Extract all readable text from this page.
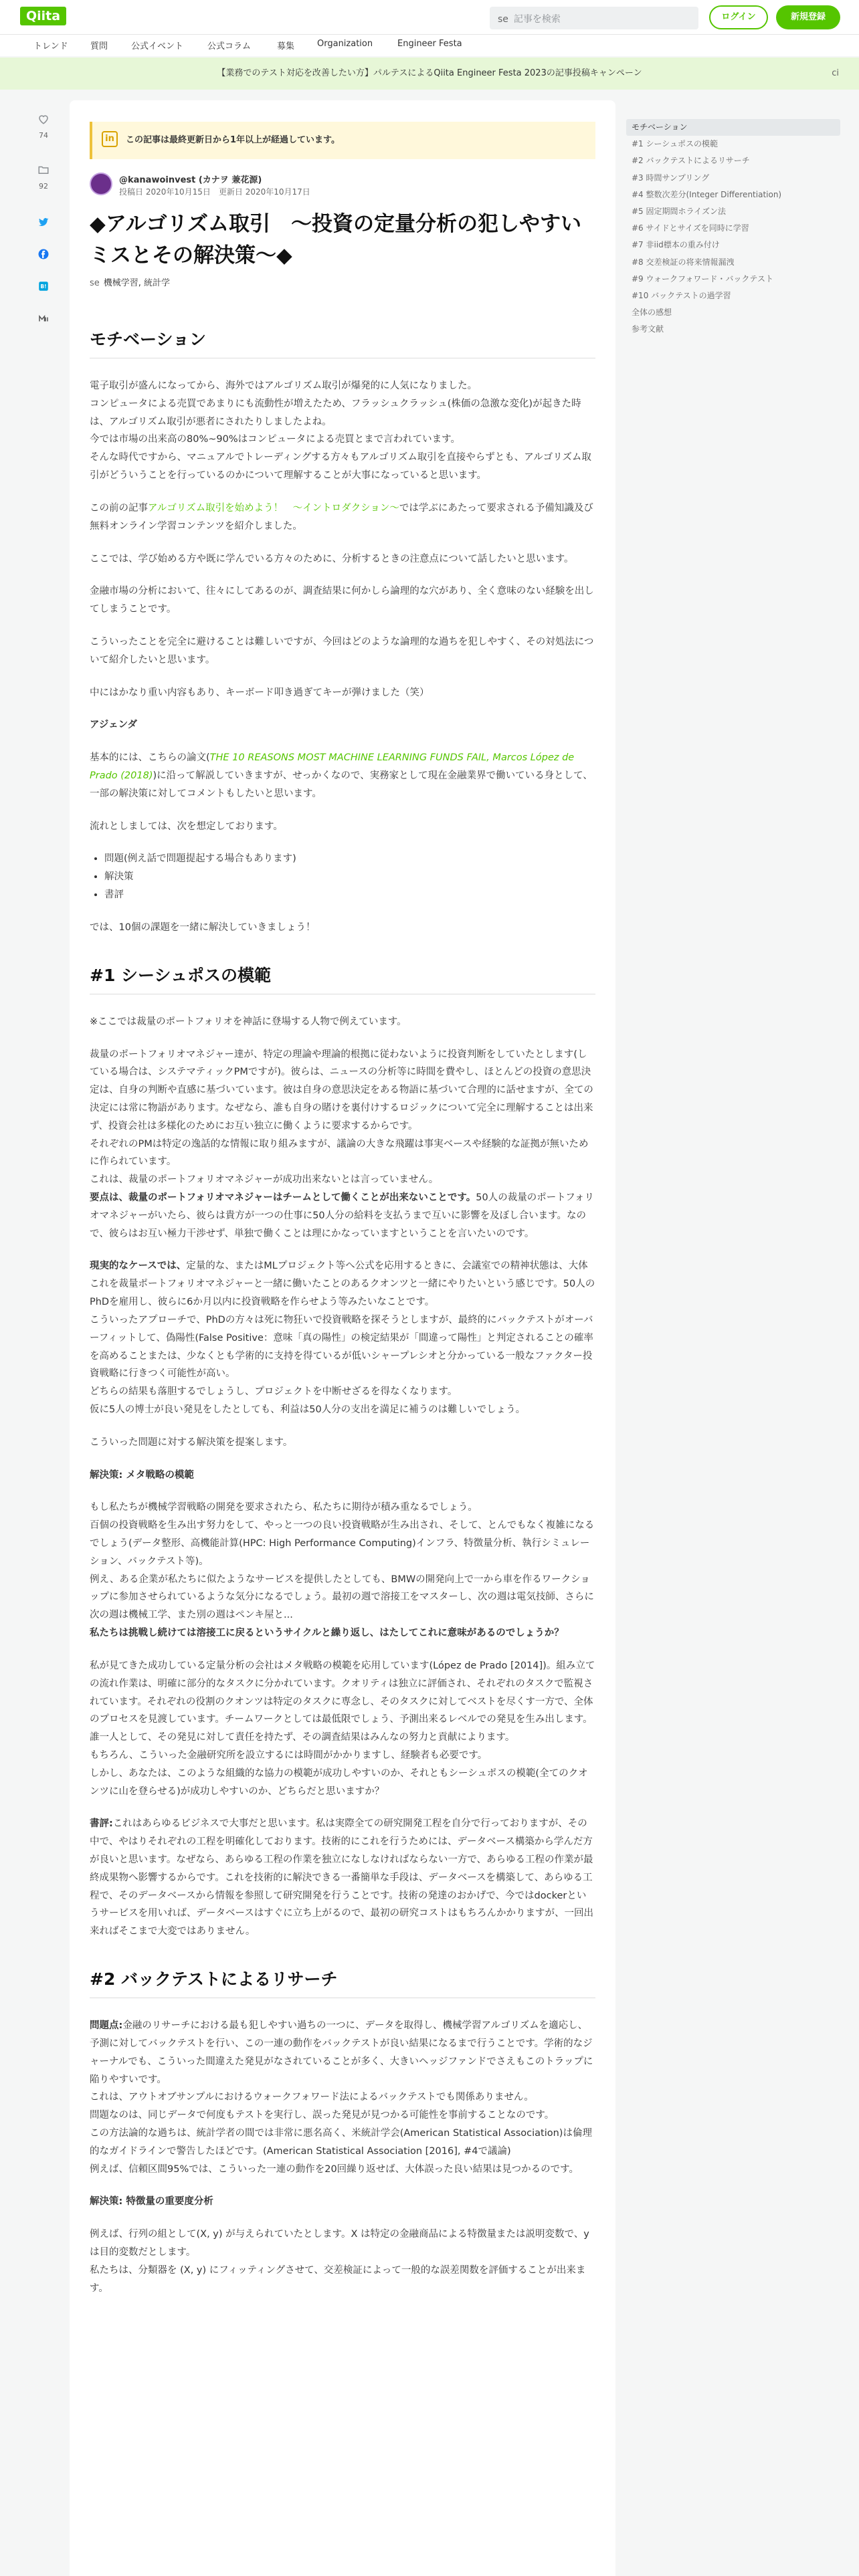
Qiita	se 記事を検索	ログイン	新規登録
トレンド	質問	公式イベント	公式コラム	募集	Organization	Engineer Festa
【業務でのテスト対応を改善したい方】パルテスによるQiita Engineer Festa 2023の記事投稿キャンペーン	ci
74
92
B!
in	この記事は最終更新日から1年以上が経過しています。
@kanawoinvest (カナヲ 兼花源)
投稿日 2020年10月15日　更新日 2020年10月17日
◆アルゴリズム取引　〜投資の定量分析の犯しやすいミスとその解決策〜◆
se 機械学習, 統計学
モチベーション

電子取引が盛んになってから、海外ではアルゴリズム取引が爆発的に人気になりました。
コンピュータによる売買であまりにも流動性が増えたため、フラッシュクラッシュ(株価の急激な変化)が起きた時は、アルゴリズム取引が悪者にされたりしましたよね。
今では市場の出来高の80%~90%はコンピュータによる売買とまで言われています。
そんな時代ですから、マニュアルでトレーディングする方々もアルゴリズム取引を直接やらずとも、アルゴリズム取引がどういうことを行っているのかについて理解することが大事になっていると思います。

この前の記事アルゴリズム取引を始めよう！　〜イントロダクション〜では学ぶにあたって要求される予備知識及び無料オンライン学習コンテンツを紹介しました。

ここでは、学び始める方や既に学んでいる方々のために、分析するときの注意点について話したいと思います。

金融市場の分析において、往々にしてあるのが、調査結果に何かしら論理的な穴があり、全く意味のない経験を出してしまうことです。

こういったことを完全に避けることは難しいですが、今回はどのような論理的な過ちを犯しやすく、その対処法について紹介したいと思います。

中にはかなり重い内容もあり、キーボード叩き過ぎてキーが弾けました（笑）

アジェンダ

基本的には、こちらの論文(THE 10 REASONS MOST MACHINE LEARNING FUNDS FAIL, Marcos López de Prado (2018))に沿って解説していきますが、せっかくなので、実務家として現在金融業界で働いている身として、一部の解決策に対してコメントもしたいと思います。

流れとしましては、次を想定しております。

• 問題(例え話で問題提起する場合もあります)
• 解決策
• 書評

では、10個の課題を一緒に解決していきましょう！

#1 シーシュポスの模範

※ここでは裁量のポートフォリオを神話に登場する人物で例えています。

裁量のポートフォリオマネジャー達が、特定の理論や理論的根拠に従わないように投資判断をしていたとします(している場合は、システマティックPMですが)。彼らは、ニュースの分析等に時間を費やし、ほとんどの投資の意思決定は、自身の判断や直感に基づいています。彼は自身の意思決定をある物語に基づいて合理的に話せますが、全ての決定には常に物語があります。なぜなら、誰も自身の賭けを裏付けするロジックについて完全に理解することは出来ず、投資会社は多様化のためにお互い独立に働くように要求するからです。
それぞれのPMは特定の逸話的な情報に取り組みますが、議論の大きな飛躍は事実ベースや経験的な証拠が無いために作られています。
これは、裁量のポートフォリオマネジャーが成功出来ないとは言っていません。

要点は、裁量のポートフォリオマネジャーはチームとして働くことが出来ないことです。50人の裁量のポートフォリオマネジャーがいたら、彼らは貴方が一つの仕事に50人分の給料を支払うまで互いに影響を及ぼし合います。なので、彼らはお互い極力干渉せず、単独で働くことは理にかなっていますということを言いたいのです。

現実的なケースでは、定量的な、またはMLプロジェクト等へ公式を応用するときに、会議室での精神状態は、大体これを裁量ポートフォリオマネジャーと一緒に働いたことのあるクオンツと一緒にやりたいという感じです。50人のPhDを雇用し、彼らに6か月以内に投資戦略を作らせよう等みたいなことです。
こういったアプローチで、PhDの方々は死に物狂いで投資戦略を探そうとしますが、最終的にバックテストがオーバーフィットして、偽陽性(False Positive：意味「真の陽性」の検定結果が「間違って陽性」と判定されることの確率を高めることまたは、少なくとも学術的に支持を得ているが低いシャープレシオと分かっている一般なファクター投資戦略に行きつく可能性が高い。
どちらの結果も落胆するでしょうし、プロジェクトを中断せざるを得なくなります。
仮に5人の博士が良い発見をしたとしても、利益は50人分の支出を満足に補うのは難しいでしょう。

こういった問題に対する解決策を提案します。

解決策: メタ戦略の模範

もし私たちが機械学習戦略の開発を要求されたら、私たちに期待が積み重なるでしょう。
百個の投資戦略を生み出す努力をして、やっと一つの良い投資戦略が生み出され、そして、とんでもなく複雑になるでしょう(データ整形、高機能計算(HPC: High Performance Computing)インフラ、特徴量分析、執行シミュレーション、バックテスト等)。
例え、ある企業が私たちに似たようなサービスを提供したとしても、BMWの開発向上で一から車を作るワークショップに参加させられているような気分になるでしょう。最初の週で溶接工をマスターし、次の週は電気技師、さらに次の週は機械工学、また別の週はペンキ屋と...

私たちは挑戦し続けては溶接工に戻るというサイクルと繰り返し、はたしてこれに意味があるのでしょうか？

私が見てきた成功している定量分析の会社はメタ戦略の模範を応用しています(López de Prado [2014])。組み立ての流れ作業は、明確に部分的なタスクに分かれています。クオリティは独立に評価され、それぞれのタスクで監視されています。それぞれの役割のクオンツは特定のタスクに専念し、そのタスクに対してベストを尽くす一方で、全体のプロセスを見渡しています。チームワークとしては最低限でしょう、予測出来るレベルでの発見を生み出します。誰一人として、その発見に対して責任を持たず、その調査結果はみんなの努力と貢献によります。
もちろん、こういった金融研究所を設立するには時間がかかりますし、経験者も必要です。
しかし、あなたは、このような組織的な協力の模範が成功しやすいのか、それともシーシュポスの模範(全てのクオンツに山を登らせる)が成功しやすいのか、どちらだと思いますか？

書評:これはあらゆるビジネスで大事だと思います。私は実際全ての研究開発工程を自分で行っておりますが、その中で、やはりそれぞれの工程を明確化しております。技術的にこれを行うためには、データベース構築から学んだ方が良いと思います。なぜなら、あらゆる工程の作業を独立になしなければならない一方で、あらゆる工程の作業が最終成果物へ影響するからです。これを技術的に解決できる一番簡単な手段は、データベースを構築して、あらゆる工程で、そのデータベースから情報を参照して研究開発を行うことです。技術の発達のおかげで、今ではdockerというサービスを用いれば、データベースはすぐに立ち上がるので、最初の研究コストはもちろんかかりますが、一回出来ればそこまで大変ではありません。

#2 バックテストによるリサーチ

問題点:金融のリサーチにおける最も犯しやすい過ちの一つに、データを取得し、機械学習アルゴリズムを適応し、予測に対してバックテストを行い、この一連の動作をバックテストが良い結果になるまで行うことです。学術的なジャーナルでも、こういった間違えた発見がなされていることが多く、大きいヘッジファンドでさえもこのトラップに陥りやすいです。
これは、アウトオブサンプルにおけるウォークフォワード法によるバックテストでも関係ありません。
問題なのは、同じデータで何度もテストを実行し、誤った発見が見つかる可能性を事前することなのです。
この方法論的な過ちは、統計学者の間では非常に悪名高く、米統計学会(American Statistical Association)は倫理的なガイドラインで警告したほどです。(American Statistical Association [2016], #4で議論)
例えば、信頼区間95%では、こういった一連の動作を20回繰り返せば、大体誤った良い結果は見つかるのです。

解決策: 特徴量の重要度分析

例えば、行列の組として(X, y) が与えられていたとします。X は特定の金融商品による特徴量または説明変数で、yは目的変数だとします。
私たちは、分類器を (X, y) にフィッティングさせて、交差検証によって一般的な誤差関数を評価することが出来ます。

モチベーション
#1 シーシュポスの模範
#2 バックテストによるリサーチ
#3 時間サンプリング
#4 整数次差分(Integer Differentiation)
#5 固定期間ホライズン法
#6 サイドとサイズを同時に学習
#7 非iid標本の重み付け
#8 交差検証の将来情報漏洩
#9 ウォークフォワード・バックテスト
#10 バックテストの過学習
全体の感想
参考文献
